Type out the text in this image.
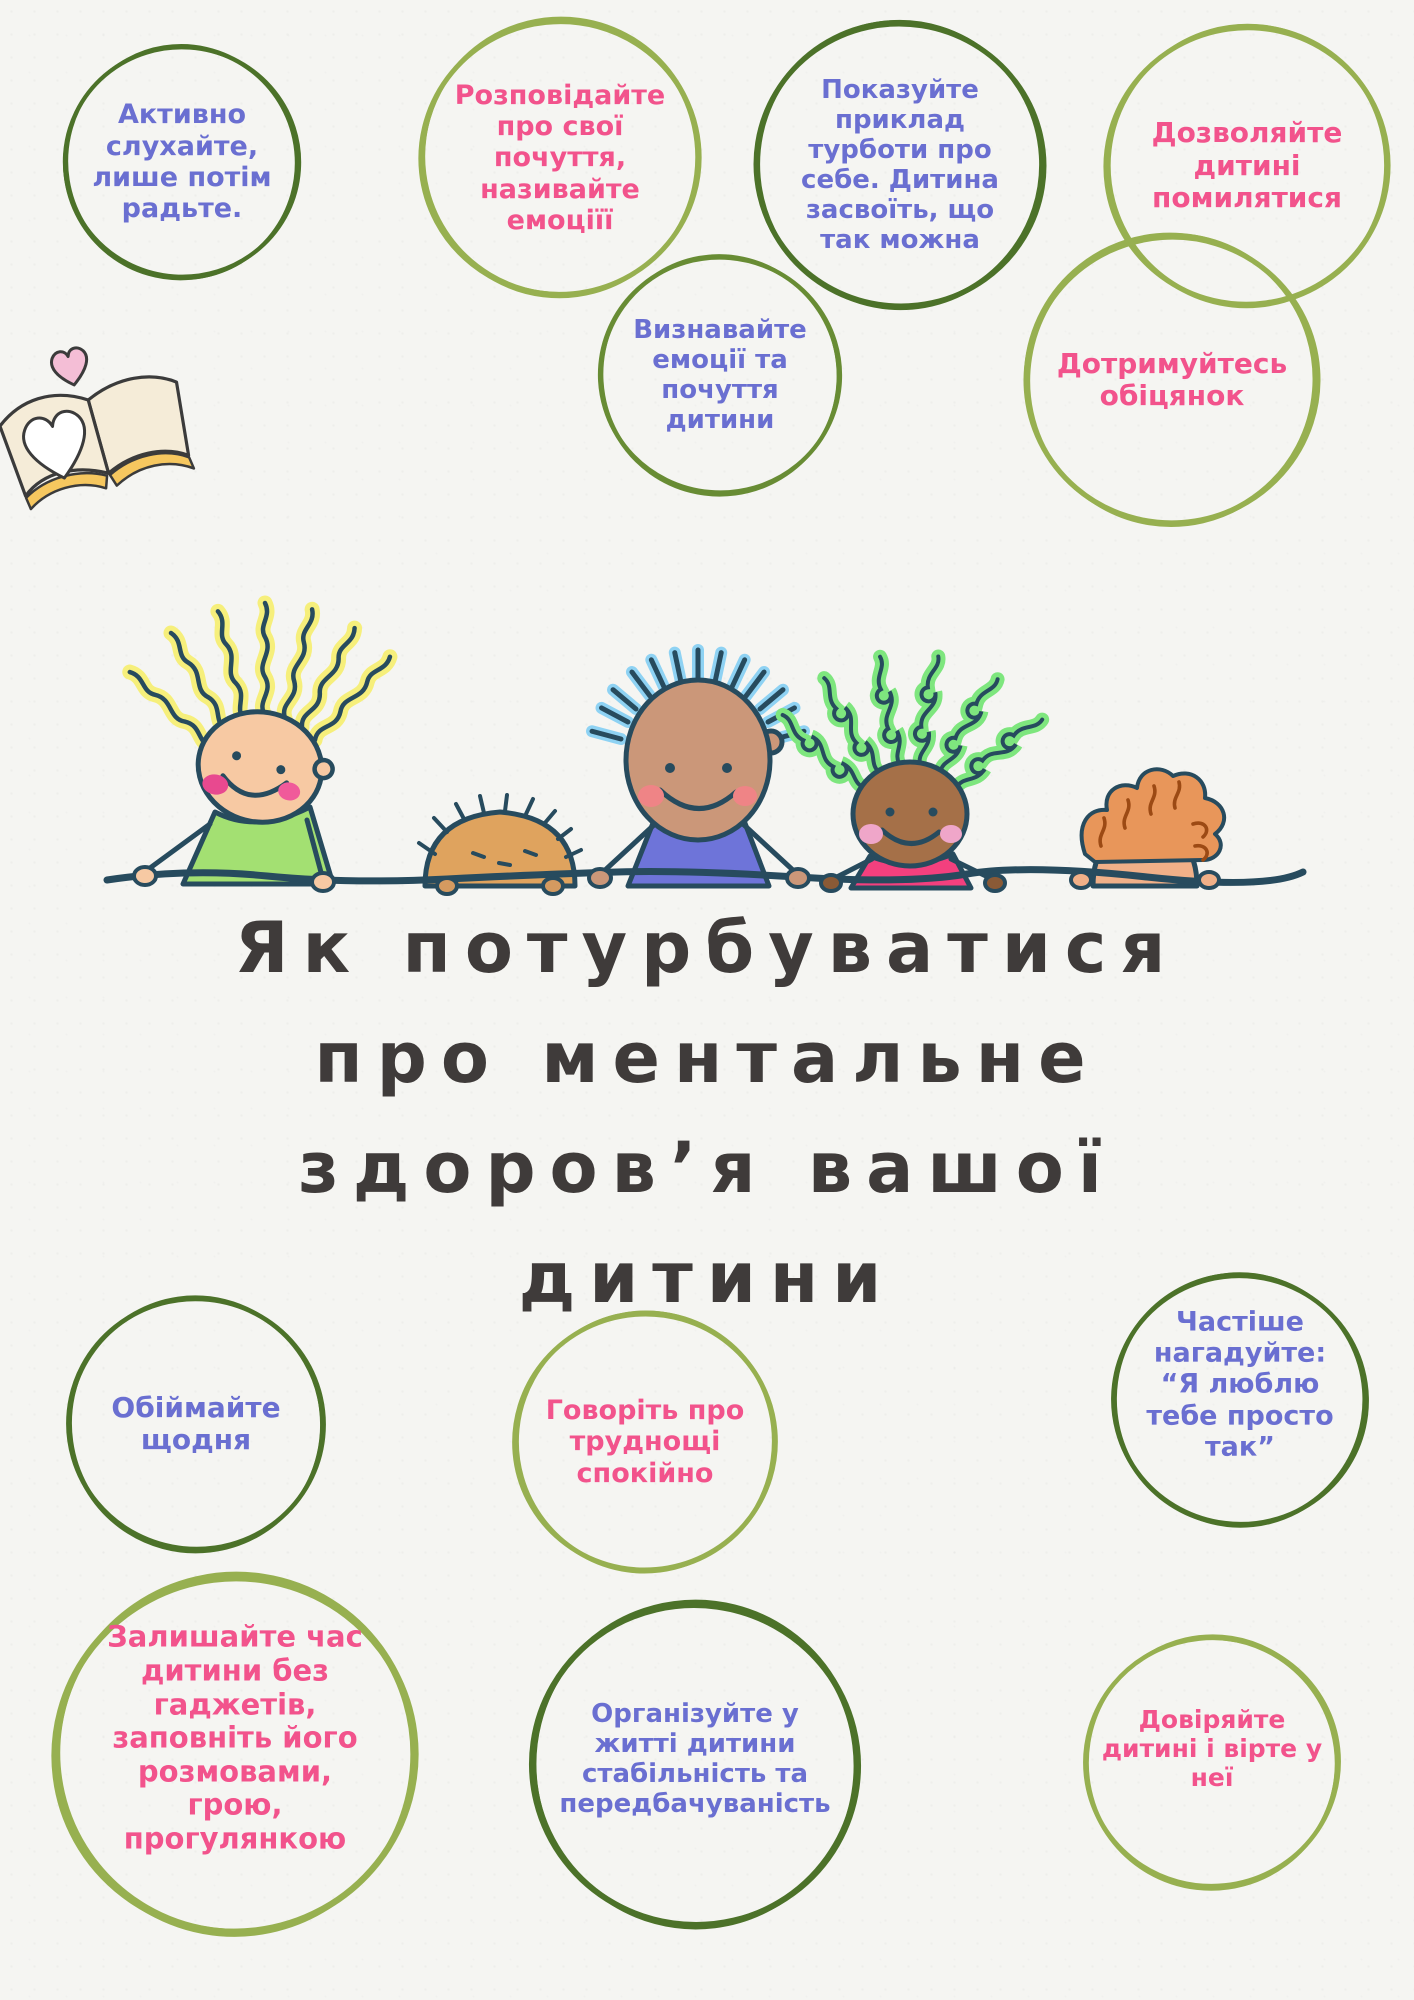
Активно слухайте, лише потім радьте.
Розповідайте про свої почуття, називайте емоціїї
Показуйте приклад турботи про себе. Дитина засвоїть, що так можна
Дозволяйте дитині помилятися
Визнавайте емоції та почуття дитини
Дотримуйтесь обіцянок
Як потурбуватися
про ментальне
здоров’я вашої
дитини
Обіймайте щодня
Говоріть про труднощі спокійно
Частіше нагадуйте: “Я люблю тебе просто так”
Залишайте час дитини без гаджетів, заповніть його розмовами, грою, прогулянкою
Організуйте у житті дитини стабільність та передбачуваність
Довіряйте дитині і вірте у неї
